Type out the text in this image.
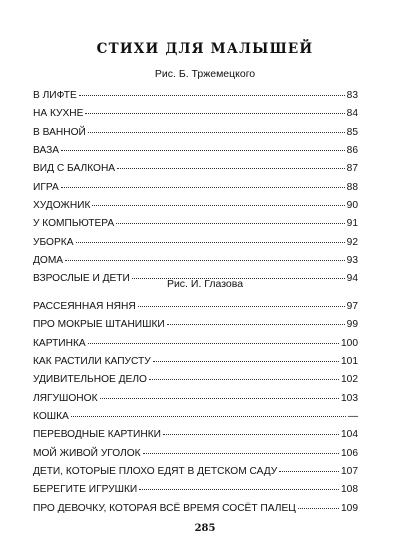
СТИХИ ДЛЯ МАЛЫШЕЙ
Рис. Б. Тржемецкого
В ЛИФТЕ	83
НА КУХНЕ	84
В ВАННОЙ	85
ВАЗА	86
ВИД С БАЛКОНА	87
ИГРА	88
ХУДОЖНИК	90
У КОМПЬЮТЕРА	91
УБОРКА	92
ДОМА	93
ВЗРОСЛЫЕ И ДЕТИ	94
Рис. И. Глазова
РАССЕЯННАЯ НЯНЯ	97
ПРО МОКРЫЕ ШТАНИШКИ	99
КАРТИНКА	100
КАК РАСТИЛИ КАПУСТУ	101
УДИВИТЕЛЬНОЕ ДЕЛО	102
ЛЯГУШОНОК	103
КОШКА	—
ПЕРЕВОДНЫЕ КАРТИНКИ	104
МОЙ ЖИВОЙ УГОЛОК	106
ДЕТИ, КОТОРЫЕ ПЛОХО ЕДЯТ В ДЕТСКОМ САДУ	107
БЕРЕГИТЕ ИГРУШКИ	108
ПРО ДЕВОЧКУ, КОТОРАЯ ВСЁ ВРЕМЯ СОСЁТ ПАЛЕЦ	109
285
